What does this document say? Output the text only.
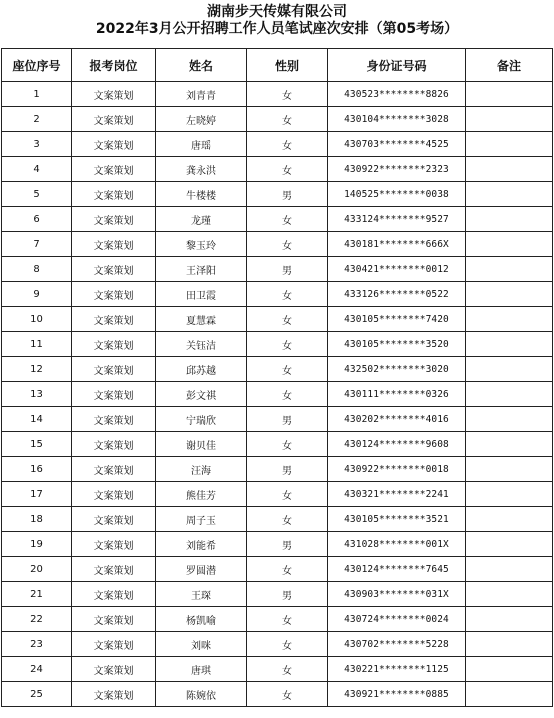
湖南步天传媒有限公司
2022年3月公开招聘工作人员笔试座次安排（第05考场）
座位序号	报考岗位	姓名	性别	身份证号码	备注
1	文案策划	刘青青	女	430523********8826	
2	文案策划	左晓婷	女	430104********3028	
3	文案策划	唐瑶	女	430703********4525	
4	文案策划	龚永洪	女	430922********2323	
5	文案策划	牛楼楼	男	140525********0038	
6	文案策划	龙瑾	女	433124********9527	
7	文案策划	黎玉玲	女	430181********666X	
8	文案策划	王泽阳	男	430421********0012	
9	文案策划	田卫霞	女	433126********0522	
10	文案策划	夏慧霖	女	430105********7420	
11	文案策划	关钰洁	女	430105********3520	
12	文案策划	邱苏越	女	432502********3020	
13	文案策划	彭文祺	女	430111********0326	
14	文案策划	宁瑞欣	男	430202********4016	
15	文案策划	谢贝佳	女	430124********9608	
16	文案策划	汪海	男	430922********0018	
17	文案策划	熊佳芳	女	430321********2241	
18	文案策划	周子玉	女	430105********3521	
19	文案策划	刘能希	男	431028********001X	
20	文案策划	罗圆潜	女	430124********7645	
21	文案策划	王琛	男	430903********031X	
22	文案策划	杨凯喻	女	430724********0024	
23	文案策划	刘咪	女	430702********5228	
24	文案策划	唐琪	女	430221********1125	
25	文案策划	陈婉依	女	430921********0885	
